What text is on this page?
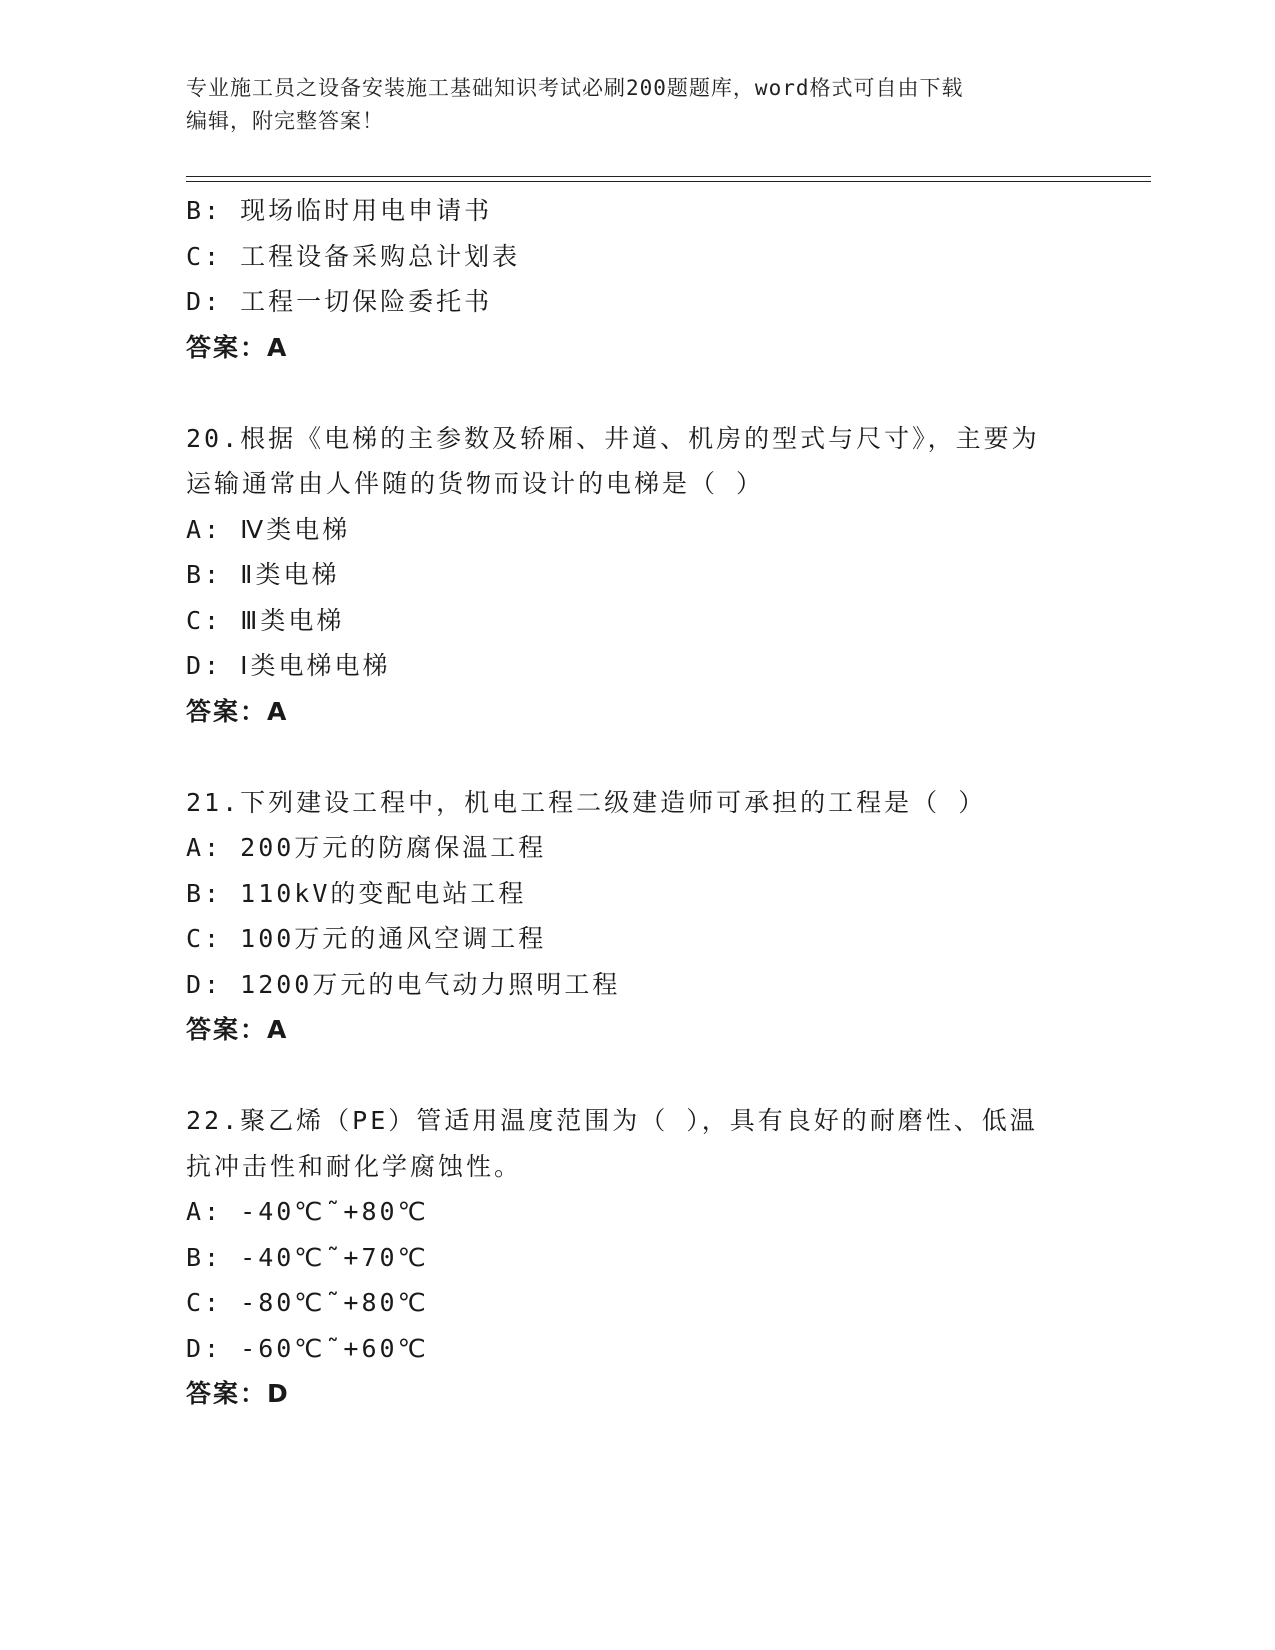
专业施工员之设备安装施工基础知识考试必刷200题题库，word格式可自由下载
编辑，附完整答案！
B: 现场临时用电申请书
C: 工程设备采购总计划表
D: 工程一切保险委托书
答案：A
20.根据《电梯的主参数及轿厢、井道、机房的型式与尺寸》，主要为
运输通常由人伴随的货物而设计的电梯是（ ）
A: Ⅳ类电梯
B: Ⅱ类电梯
C: Ⅲ类电梯
D: Ⅰ类电梯电梯
答案：A
21.下列建设工程中，机电工程二级建造师可承担的工程是（ ）
A: 200万元的防腐保温工程
B: 110kV的变配电站工程
C: 100万元的通风空调工程
D: 1200万元的电气动力照明工程
答案：A
22.聚乙烯（PE）管适用温度范围为（ ），具有良好的耐磨性、低温
抗冲击性和耐化学腐蚀性。
A: -40℃˜+80℃
B: -40℃˜+70℃
C: -80℃˜+80℃
D: -60℃˜+60℃
答案：D
